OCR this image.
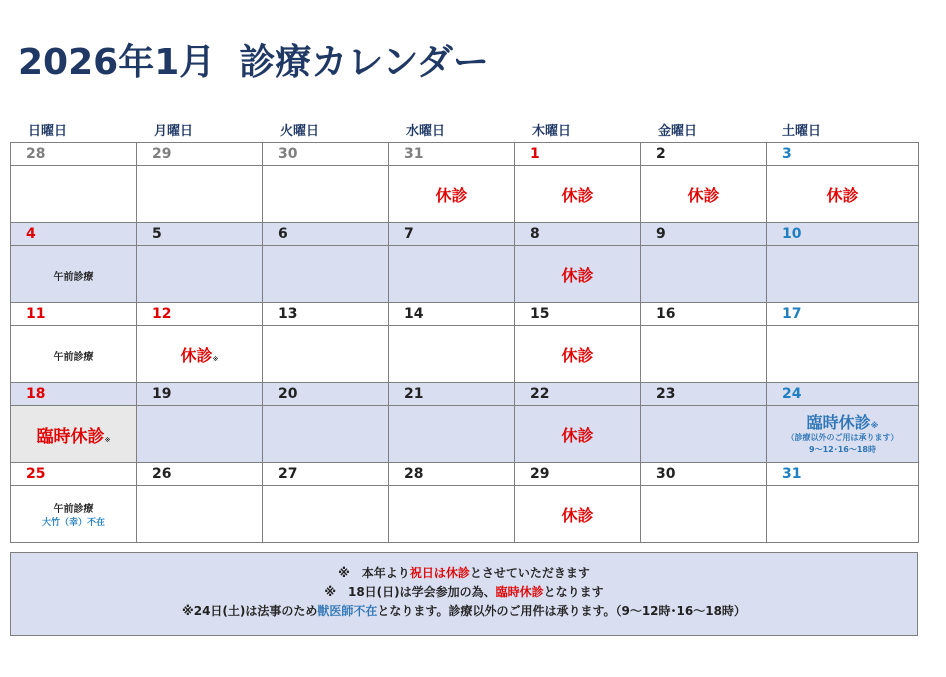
2026年1月 診療カレンダー
日曜日	月曜日	火曜日	水曜日	木曜日	金曜日	土曜日
28	29	30	31	1	2	3
			休診	休診	休診	休診
4	5	6	7	8	9	10
午前診療				休診		
11	12	13	14	15	16	17
午前診療	休診※			休診		
18	19	20	21	22	23	24
臨時休診※				休診		臨時休診※
（診療以外のご用は承ります）
9～12･16～18時

25	26	27	28	29	30	31

午前診療
大竹（幸）不在				休診		
※　本年より祝日は休診とさせていただきます
※　18日(日)は学会参加の為、臨時休診となります
※24日(土)は法事のため獣医師不在となります。診療以外のご用件は承ります。（9～12時･16～18時）
